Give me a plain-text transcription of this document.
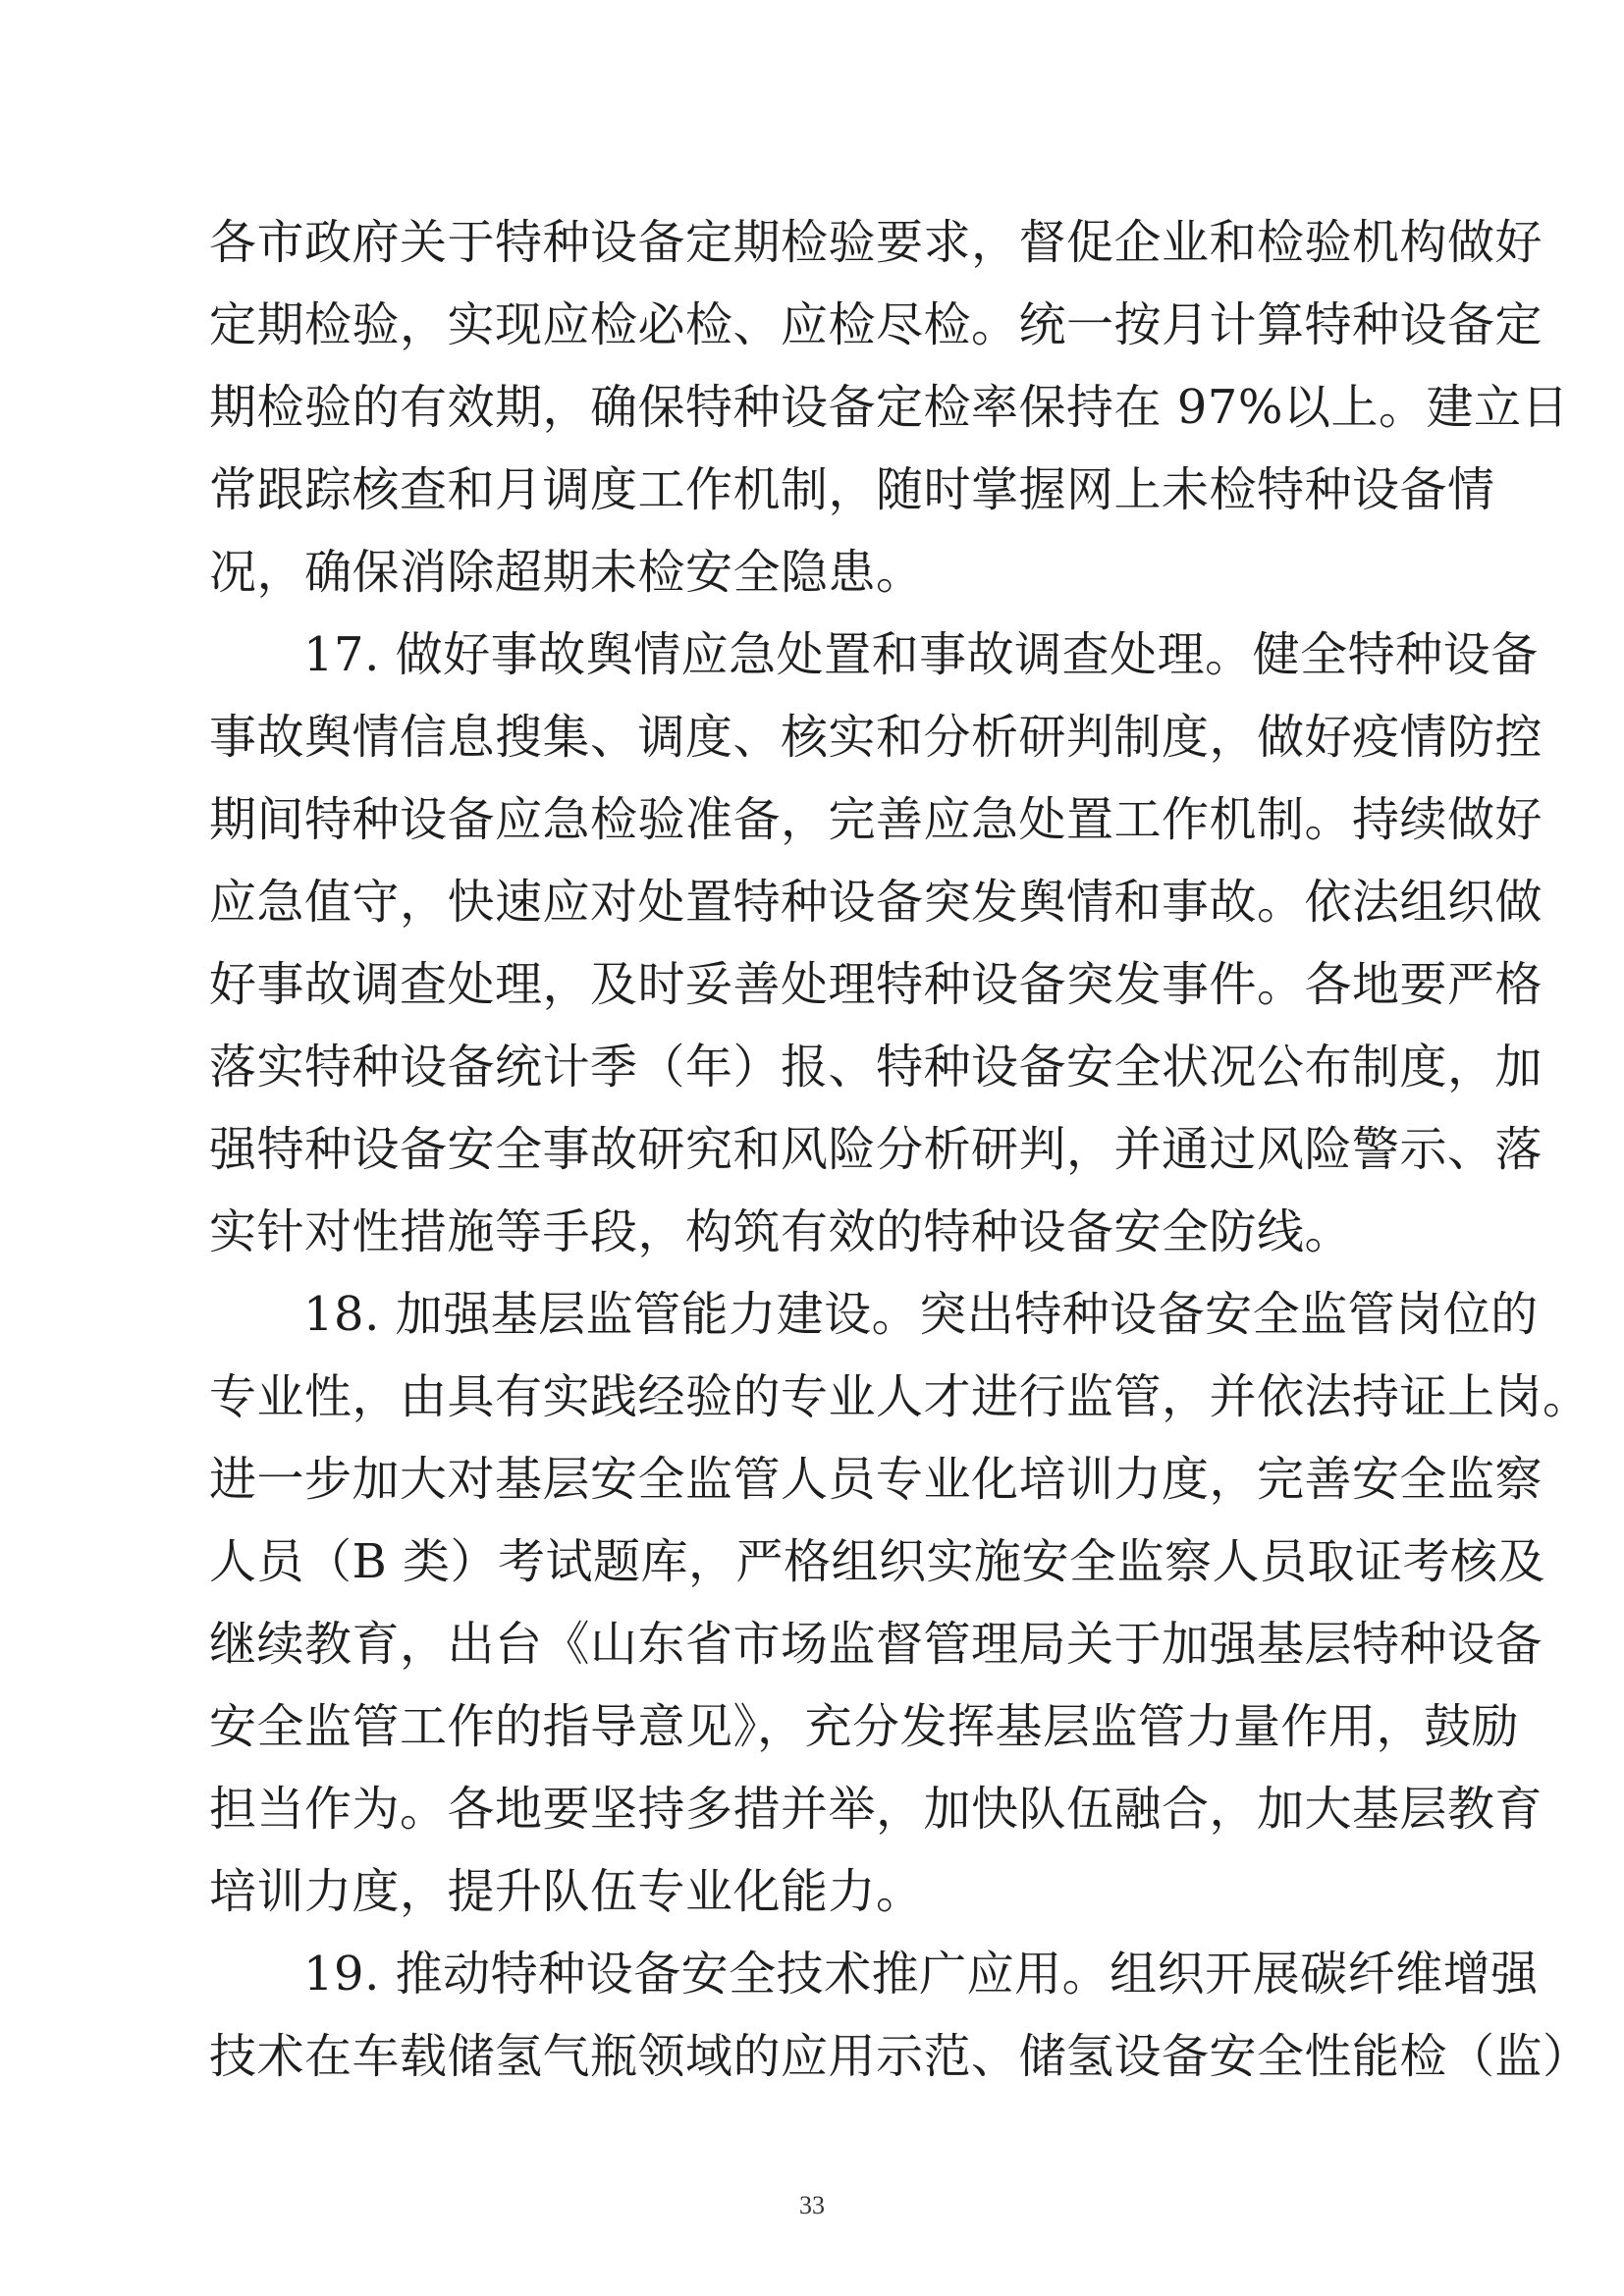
各市政府关于特种设备定期检验要求，督促企业和检验机构做好
定期检验，实现应检必检、应检尽检。统一按月计算特种设备定
期检验的有效期，确保特种设备定检率保持在 97%以上。建立日
常跟踪核查和月调度工作机制，随时掌握网上未检特种设备情
况，确保消除超期未检安全隐患。
17. 做好事故舆情应急处置和事故调查处理。健全特种设备
事故舆情信息搜集、调度、核实和分析研判制度，做好疫情防控
期间特种设备应急检验准备，完善应急处置工作机制。持续做好
应急值守，快速应对处置特种设备突发舆情和事故。依法组织做
好事故调查处理，及时妥善处理特种设备突发事件。各地要严格
落实特种设备统计季（年）报、特种设备安全状况公布制度，加
强特种设备安全事故研究和风险分析研判，并通过风险警示、落
实针对性措施等手段，构筑有效的特种设备安全防线。
18. 加强基层监管能力建设。突出特种设备安全监管岗位的
专业性，由具有实践经验的专业人才进行监管，并依法持证上岗。
进一步加大对基层安全监管人员专业化培训力度，完善安全监察
人员（B 类）考试题库，严格组织实施安全监察人员取证考核及
继续教育，出台《山东省市场监督管理局关于加强基层特种设备
安全监管工作的指导意见》，充分发挥基层监管力量作用，鼓励
担当作为。各地要坚持多措并举，加快队伍融合，加大基层教育
培训力度，提升队伍专业化能力。
19. 推动特种设备安全技术推广应用。组织开展碳纤维增强
技术在车载储氢气瓶领域的应用示范、储氢设备安全性能检（监）
33
